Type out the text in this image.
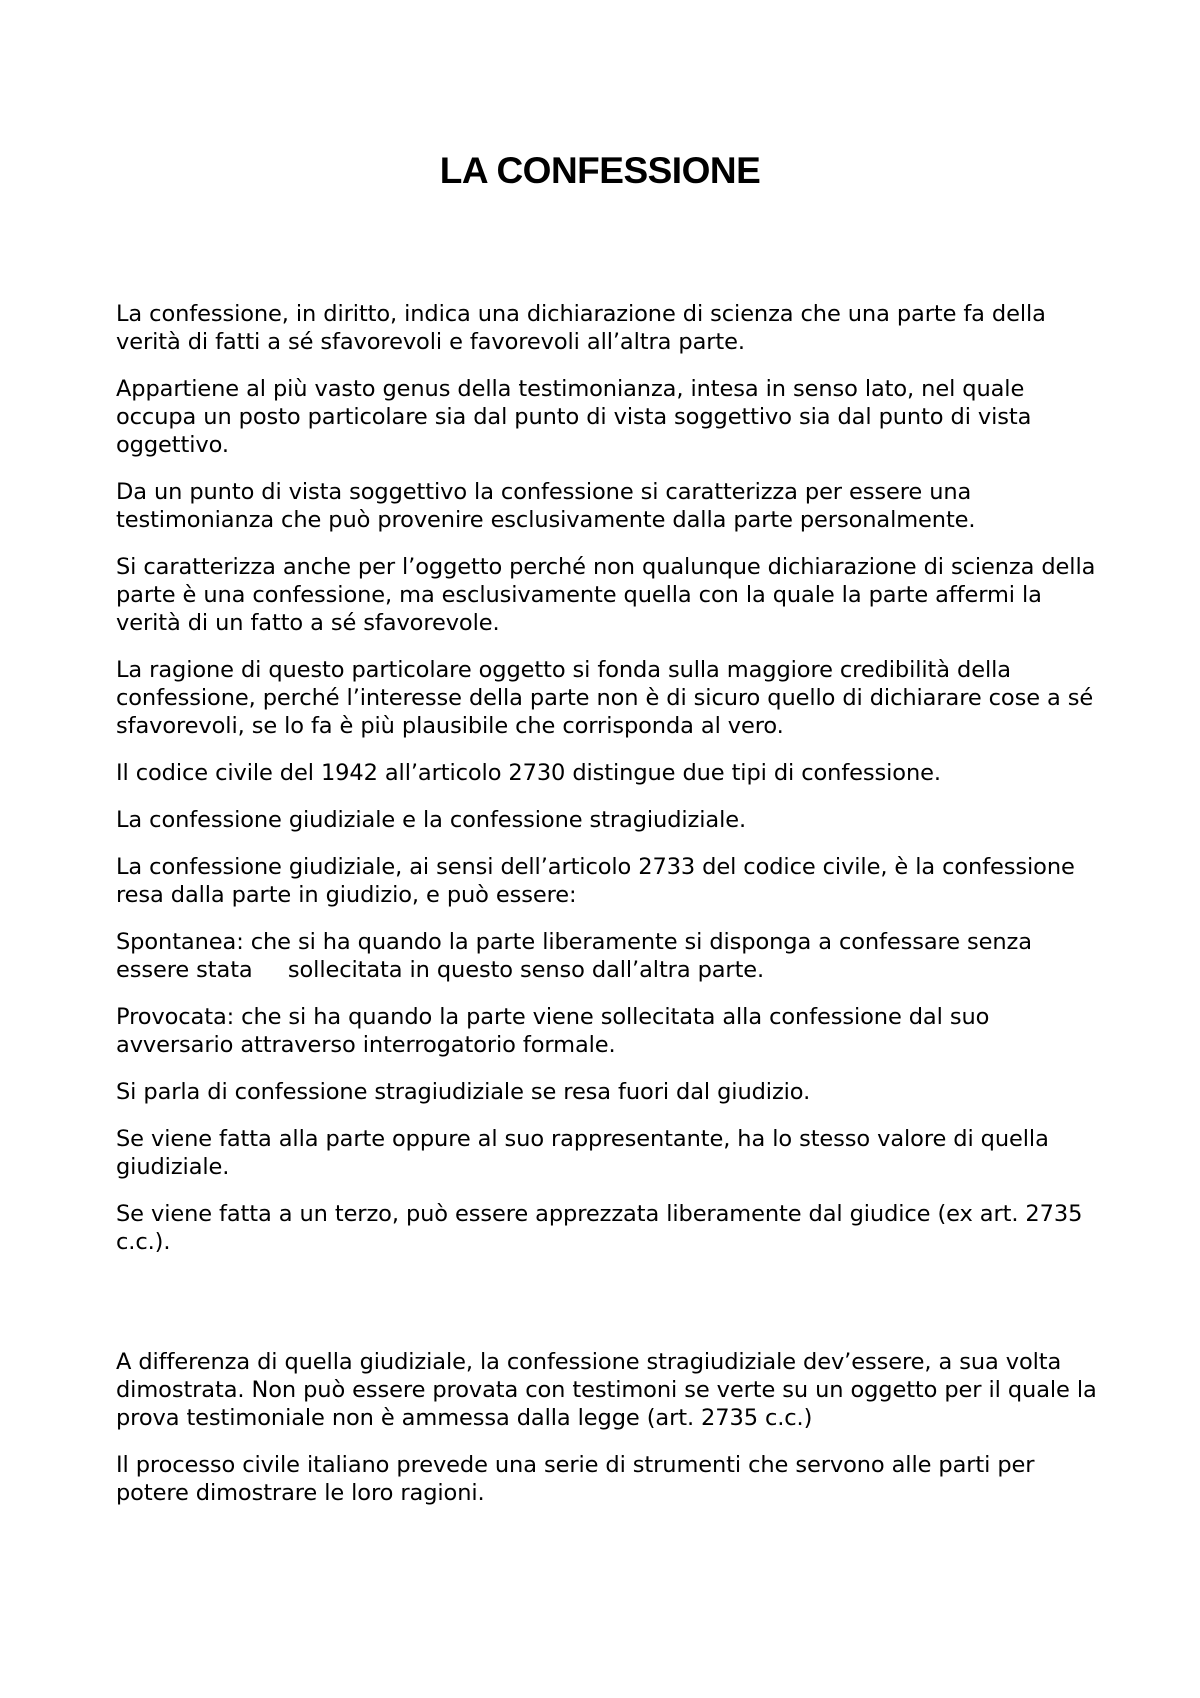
LA CONFESSIONE

La confessione, in diritto, indica una dichiarazione di scienza che una parte fa della verità di fatti a sé sfavorevoli e favorevoli all’altra parte.

Appartiene al più vasto genus della testimonianza, intesa in senso lato, nel quale occupa un posto particolare sia dal punto di vista soggettivo sia dal punto di vista oggettivo.

Da un punto di vista soggettivo la confessione si caratterizza per essere una testimonianza che può provenire esclusivamente dalla parte personalmente.

Si caratterizza anche per l’oggetto perché non qualunque dichiarazione di scienza della parte è una confessione, ma esclusivamente quella con la quale la parte affermi la verità di un fatto a sé sfavorevole.

La ragione di questo particolare oggetto si fonda sulla maggiore credibilità della confessione, perché l’interesse della parte non è di sicuro quello di dichiarare cose a sé sfavorevoli, se lo fa è più plausibile che corrisponda al vero.

Il codice civile del 1942 all’articolo 2730 distingue due tipi di confessione.

La confessione giudiziale e la confessione stragiudiziale.

La confessione giudiziale, ai sensi dell’articolo 2733 del codice civile, è la confessione resa dalla parte in giudizio, e può essere:

Spontanea: che si ha quando la parte liberamente si disponga a confessare senza essere stata     sollecitata in questo senso dall’altra parte.

Provocata: che si ha quando la parte viene sollecitata alla confessione dal suo avversario attraverso interrogatorio formale.

Si parla di confessione stragiudiziale se resa fuori dal giudizio.

Se viene fatta alla parte oppure al suo rappresentante, ha lo stesso valore di quella giudiziale.

Se viene fatta a un terzo, può essere apprezzata liberamente dal giudice (ex art. 2735 c.c.).

A differenza di quella giudiziale, la confessione stragiudiziale dev’essere, a sua volta dimostrata. Non può essere provata con testimoni se verte su un oggetto per il quale la prova testimoniale non è ammessa dalla legge (art. 2735 c.c.)

Il processo civile italiano prevede una serie di strumenti che servono alle parti per potere dimostrare le loro ragioni.
